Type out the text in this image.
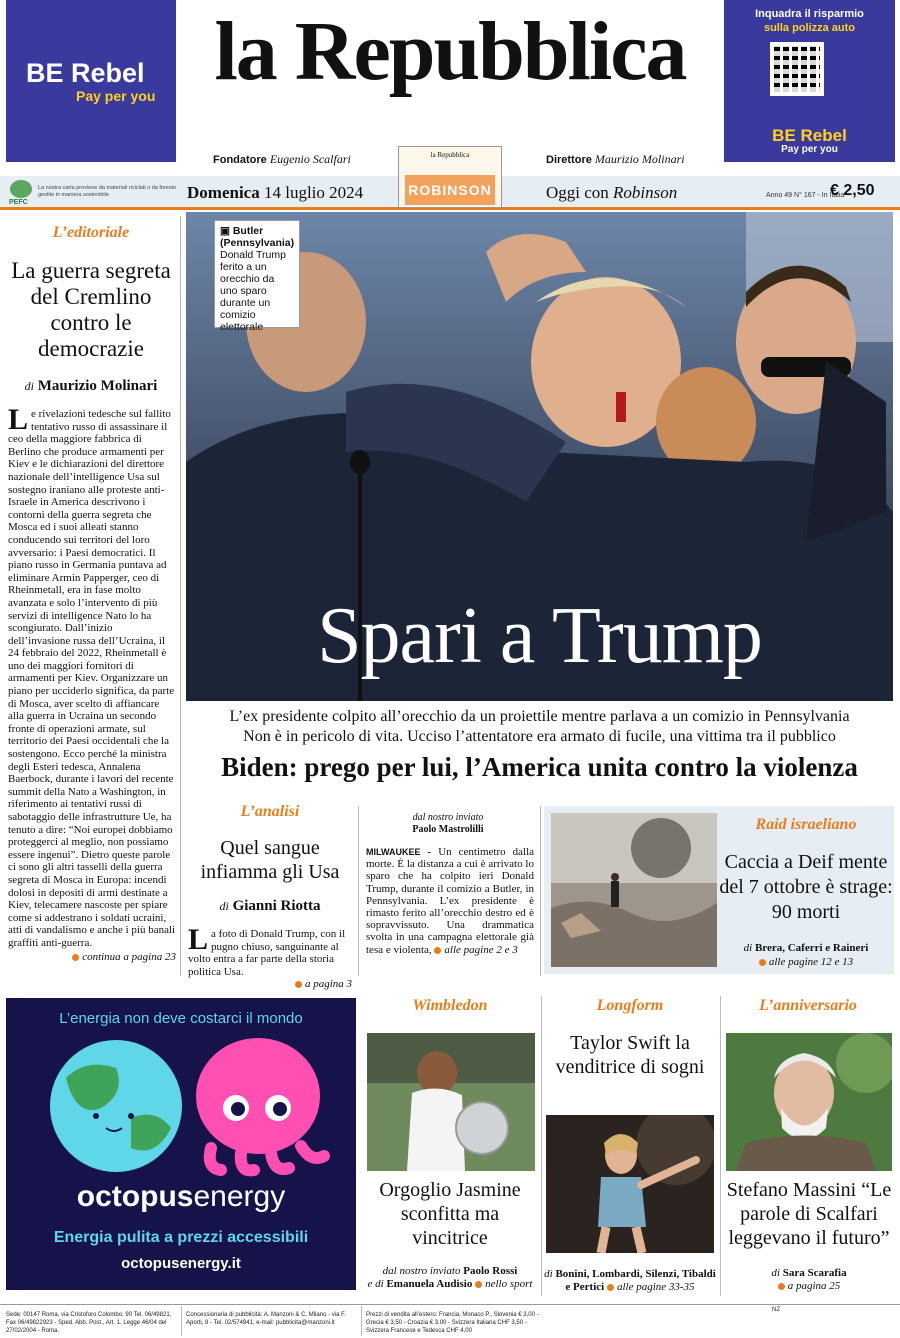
BE Rebel
Pay per you
Inquadra il risparmio
sulla polizza auto
BE Rebel
Pay per you
la Repubblica
Fondatore Eugenio Scalfari	Direttore Maurizio Molinari
PEFC
La nostra carta proviene da materiali riciclati o da foreste gestite in maniera sostenibile	Domenica 14 luglio 2024	Oggi con Robinson	Anno 49 N° 167 - In Italia
€ 2,50
la Repubblica
ROBINSON
L’editoriale
La guerra segreta del Cremlino contro le democrazie
di Maurizio Molinari
Le rivelazioni tedesche sul fallito tentativo russo di assassinare il ceo della maggiore fabbrica di Berlino che produce armamenti per Kiev e le dichiarazioni del direttore nazionale dell’intelligence Usa sul sostegno iraniano alle proteste anti-Israele in America descrivono i contorni della guerra segreta che Mosca ed i suoi alleati stanno conducendo sui territori del loro avversario: i Paesi democratici. Il piano russo in Germania puntava ad eliminare Armin Papperger, ceo di Rheinmetall, era in fase molto avanzata e solo l’intervento di più servizi di intelligence Nato lo ha scongiurato. Dall’inizio dell’invasione russa dell’Ucraina, il 24 febbraio del 2022, Rheinmetall è uno dei maggiori fornitori di armamenti per Kiev. Organizzare un piano per ucciderlo significa, da parte di Mosca, aver scelto di affiancare alla guerra in Ucraina un secondo fronte di operazioni armate, sul territorio dei Paesi occidentali che la sostengono. Ecco perché la ministra degli Esteri tedesca, Annalena Baerbock, durante i lavori del recente summit della Nato a Washington, in riferimento ai tentativi russi di sabotaggio delle infrastrutture Ue, ha tenuto a dire: “Noi europei dobbiamo proteggerci al meglio, non possiamo essere ingenui”. Dietro queste parole ci sono gli altri tasselli della guerra segreta di Mosca in Europa: incendi dolosi in depositi di armi destinate a Kiev, telecamere nascoste per spiare come si addestrano i soldati ucraini, atti di vandalismo e anche i più banali graffiti anti-guerra.
continua a pagina 23
▣ Butler (Pennsylvania)
Donald Trump ferito a un orecchio da uno sparo durante un comizio elettorale
Spari a Trump
L’ex presidente colpito all’orecchio da un proiettile mentre parlava a un comizio in Pennsylvania
Non è in pericolo di vita. Ucciso l’attentatore era armato di fucile, una vittima tra il pubblico
Biden: prego per lui, l’America unita contro la violenza
L’analisi
Quel sangue infiamma gli Usa
di Gianni Riotta
La foto di Donald Trump, con il pugno chiuso, sanguinante al volto entra a far parte della storia politica Usa.
a pagina 3
dal nostro inviato
Paolo Mastrolilli
MILWAUKEE - Un centimetro dalla morte. È la distanza a cui è arrivato lo sparo che ha colpito ieri Donald Trump, durante il comizio a Butler, in Pennsylvania. L’ex presidente è rimasto ferito all’orecchio destro ed è sopravvissuto. Una drammatica svolta in una campagna elettorale già tesa e violenta, alle pagine 2 e 3
Raid israeliano
Caccia a Deif mente del 7 ottobre è strage: 90 morti
di Brera, Caferri e Raineri
alle pagine 12 e 13
L’energia non deve costarci il mondo
octopusenergy
Energia pulita a prezzi accessibili
octopusenergy.it
Wimbledon
Orgoglio Jasmine sconfitta ma vincitrice
dal nostro inviato Paolo Rossi
e di Emanuela Audisio nello sport
Longform
Taylor Swift la venditrice di sogni
di Bonini, Lombardi, Silenzi, Tibaldi e Pertici alle pagine 33-35
L’anniversario
Stefano Massini “Le parole di Scalfari leggevano il futuro”
di Sara Scarafia
a pagina 25
Sede: 00147 Roma, via Cristoforo Colombo, 90 Tel. 06/49821, Fax 06/49822923 - Sped. Abb. Post., Art. 1, Legge 46/04 del 27/02/2004 - Roma.
Concessionaria di pubblicità: A. Manzoni & C. Milano - via F. Aporti, 8 - Tel. 02/574941, e-mail: pubblicita@manzoni.it
Prezzi di vendita all’estero: Francia, Monaco P., Slovenia € 3,00 - Grecia € 3,50 - Croazia € 3,00 - Svizzera Italiana CHF 3,50 - Svizzera Francese e Tedesca CHF 4,00
NZ
